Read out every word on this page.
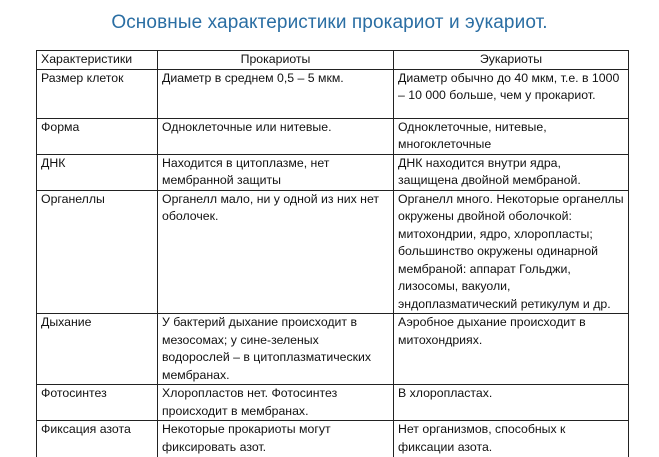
Основные характеристики прокариот и эукариот.
Характеристики	Прокариоты	Эукариоты
Размер клеток	Диаметр в среднем 0,5 – 5 мкм.	Диаметр обычно до 40 мкм, т.е. в 1000 – 10 000 больше, чем у прокариот.
Форма	Одноклеточные или нитевые.	Одноклеточные, нитевые, многоклеточные
ДНК	Находится в цитоплазме, нет мембранной защиты	ДНК находится внутри ядра, защищена двойной мембраной.
Органеллы	Органелл мало, ни у одной из них нет оболочек.	Органелл много. Некоторые органеллы окружены двойной оболочкой: митохондрии, ядро, хлоропласты; большинство окружены одинарной мембраной: аппарат Гольджи, лизосомы, вакуоли, эндоплазматический ретикулум и др.
Дыхание	У бактерий дыхание происходит в мезосомах; у сине-зеленых водорослей – в цитоплазматических мембранах.	Аэробное дыхание происходит в митохондриях.
Фотосинтез	Хлоропластов нет. Фотосинтез происходит в мембранах.	В хлоропластах.
Фиксация азота	Некоторые прокариоты могут фиксировать азот.	Нет организмов, способных к фиксации азота.
